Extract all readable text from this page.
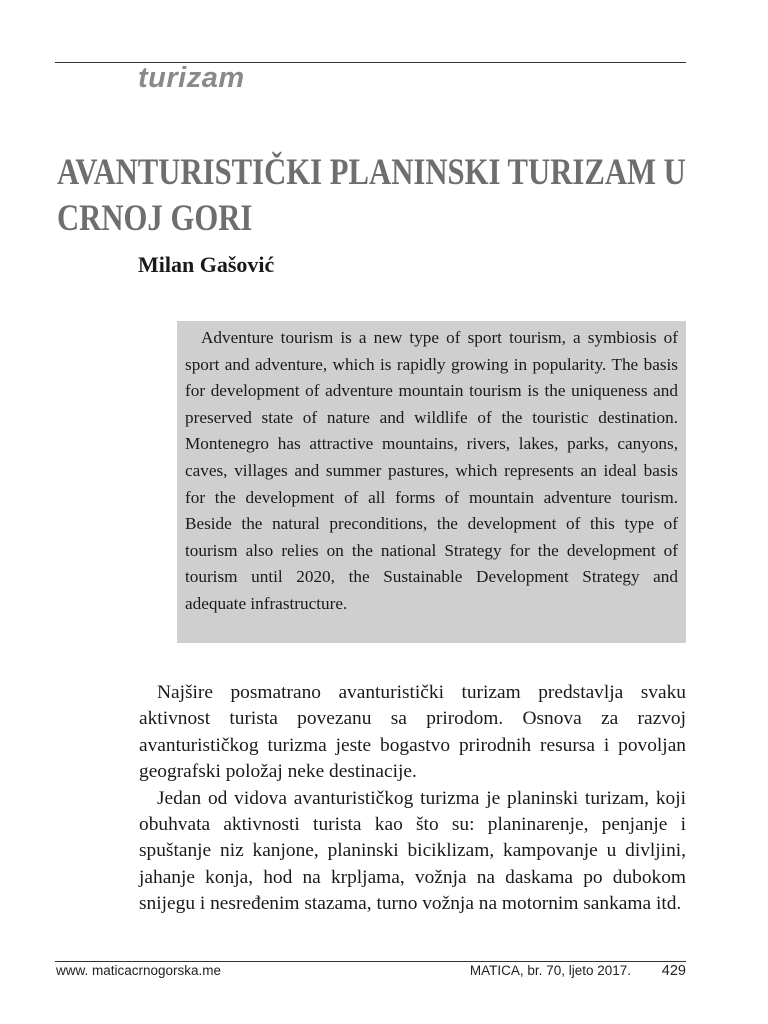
turizam
AVANTURISTIČKI PLANINSKI TURIZAM U
CRNOJ GORI
Milan Gašović

Adventure tourism is a new type of sport tourism, a symbiosis of sport and adventure, which is rapidly growing in popularity. The basis for development of adventure mountain tourism is the uniqueness and preserved state of nature and wildlife of the touristic destination. Montenegro has attractive mountains, rivers, lakes, parks, canyons, caves, villages and summer pastures, which represents an ideal basis for the development of all forms of mountain adventure tourism. Beside the natural preconditions, the development of this type of tourism also relies on the national Strategy for the development of tourism until 2020, the Sustainable Development Strategy and adequate infrastructure.

Najšire posmatrano avanturistički turizam predstavlja svaku aktivnost turista povezanu sa prirodom. Osnova za razvoj avanturističkog turizma jeste bogastvo prirodnih resursa i povoljan geografski položaj neke destinacije.

Jedan od vidova avanturističkog turizma je planinski turizam, koji obuhvata aktivnosti turista kao što su: planinarenje, penjanje i spuštanje niz kanjone, planinski biciklizam, kampovanje u divljini, jahanje konja, hod na krpljama, vožnja na daskama po dubokom snijegu i nesređenim stazama, turno vožnja na motornim sankama itd.

www. maticacrnogorska.me	MATICA, br. 70, ljeto 2017. 429
